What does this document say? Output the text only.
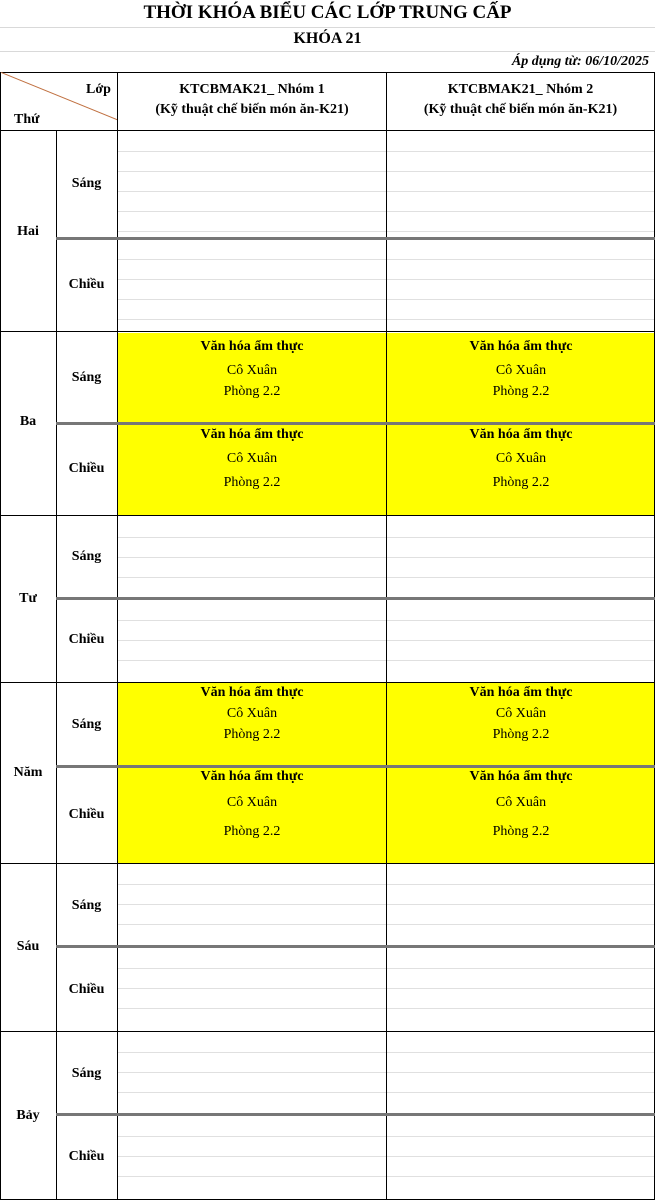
THỜI KHÓA BIỂU CÁC LỚP TRUNG CẤP
KHÓA 21
Áp dụng từ: 06/10/2025
Lớp
Thứ
KTCBMAK21_ Nhóm 1
(Kỹ thuật chế biến món ăn-K21)
KTCBMAK21_ Nhóm 2
(Kỹ thuật chế biến món ăn-K21)
Hai
Ba
Tư
Năm
Sáu
Bảy
Sáng
Chiều
Sáng
Chiều
Sáng
Chiều
Sáng
Chiều
Sáng
Chiều
Sáng
Chiều
Văn hóa ẩm thực
Cô Xuân
Phòng 2.2
Văn hóa ẩm thực
Cô Xuân
Phòng 2.2
Văn hóa ẩm thực
Cô Xuân
Phòng 2.2
Văn hóa ẩm thực
Cô Xuân
Phòng 2.2
Văn hóa ẩm thực
Cô Xuân
Phòng 2.2
Văn hóa ẩm thực
Cô Xuân
Phòng 2.2
Văn hóa ẩm thực
Cô Xuân
Phòng 2.2
Văn hóa ẩm thực
Cô Xuân
Phòng 2.2
